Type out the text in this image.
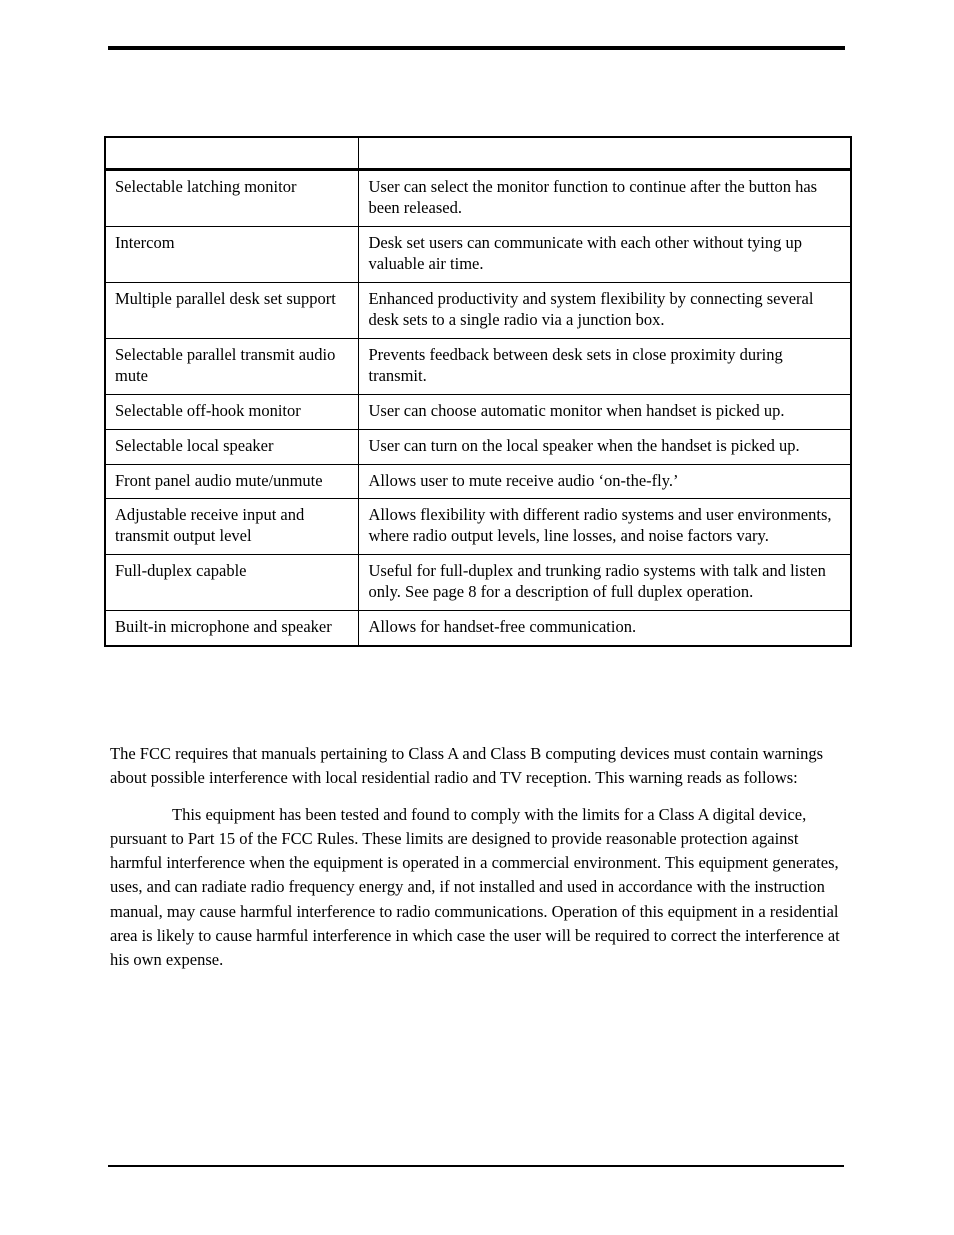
Selectable latching monitor	User can select the monitor function to continue after the button has been released.
Intercom	Desk set users can communicate with each other without tying up valuable air time.
Multiple parallel desk set support	Enhanced productivity and system flexibility by connecting several desk sets to a single radio via a junction box.
Selectable parallel transmit audio mute	Prevents feedback between desk sets in close proximity during transmit.
Selectable off-hook monitor	User can choose automatic monitor when handset is picked up.
Selectable local speaker	User can turn on the local speaker when the handset is picked up.
Front panel audio mute/unmute	Allows user to mute receive audio ‘on-the-fly.’
Adjustable receive input and transmit output level	Allows flexibility with different radio systems and user environments, where radio output levels, line losses, and noise factors vary.
Full-duplex capable	Useful for full-duplex and trunking radio systems with talk and listen only. See page 8 for a description of full duplex operation.
Built-in microphone and speaker	Allows for handset-free communication.

The FCC requires that manuals pertaining to Class A and Class B computing devices must contain warnings about possible interference with local residential radio and TV reception. This warning reads as follows:

This equipment has been tested and found to comply with the limits for a Class A digital device, pursuant to Part 15 of the FCC Rules. These limits are designed to provide reasonable protection against harmful interference when the equipment is operated in a commercial environment. This equipment generates, uses, and can radiate radio frequency energy and, if not installed and used in accordance with the instruction manual, may cause harmful interference to radio communications. Operation of this equipment in a residential area is likely to cause harmful interference in which case the user will be required to correct the interference at his own expense.
